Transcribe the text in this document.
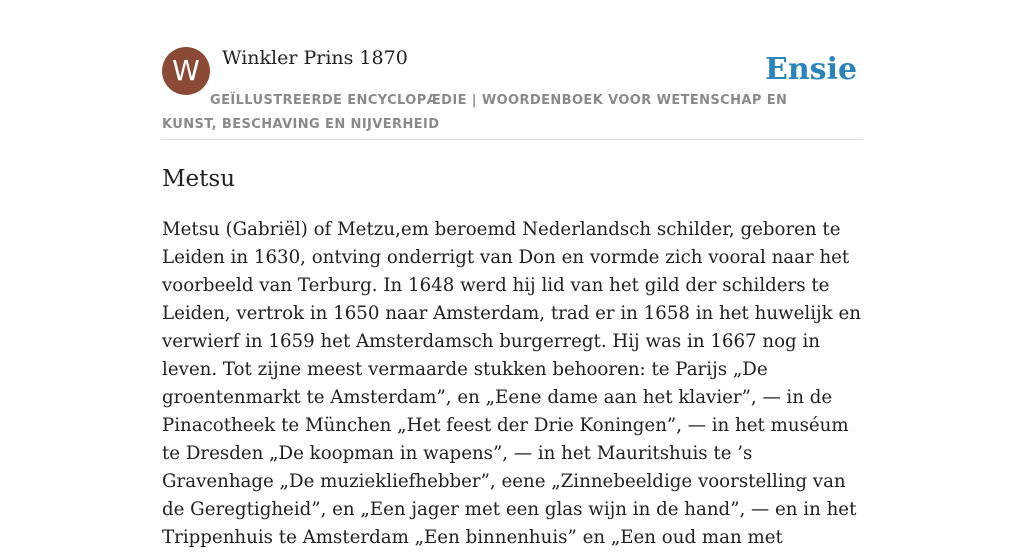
W	Winkler Prins 1870	Ensie
GEÏLLUSTREERDE ENCYCLOPÆDIE | WOORDENBOEK VOOR WETENSCHAP EN KUNST, BESCHAVING EN NIJVERHEID
Metsu

Metsu (Gabriël) of Metzu,em beroemd Nederlandsch schilder, geboren te Leiden in 1630, ontving onderrigt van Don en vormde zich vooral naar het voorbeeld van Terburg. In 1648 werd hij lid van het gild der schilders te Leiden, vertrok in 1650 naar Amsterdam, trad er in 1658 in het huwelijk en verwierf in 1659 het Amsterdamsch burgerregt. Hij was in 1667 nog in leven. Tot zijne meest vermaarde stukken behooren: te Parijs „De groentenmarkt te Amsterdam”, en „Eene dame aan het klavier”, — in de Pinacotheek te München „Het feest der Drie Koningen”, — in het muséum te Dresden „De koopman in wapens”, — in het Mauritshuis te ’s Gravenhage „De muziekliefhebber”, eene „Zinnebeeldige voorstelling van de Geregtigheid”, en „Een jager met een glas wijn in de hand”, — en in het Trippenhuis te Amsterdam „Een binnenhuis” en „Een oud man met
